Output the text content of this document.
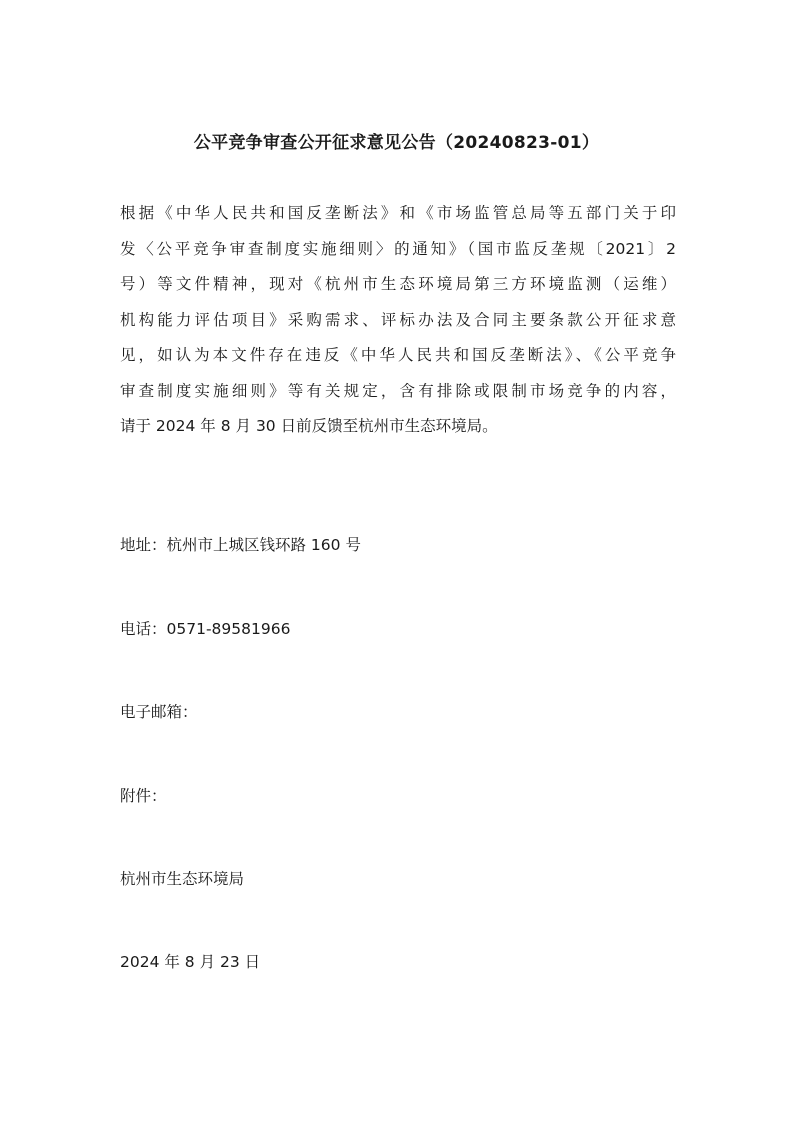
公平竞争审查公开征求意见公告（20240823-01）

根据《中华人民共和国反垄断法》和《市场监管总局等五部门关于印
发〈公平竞争审查制度实施细则〉的通知》（国市监反垄规〔2021〕2
号）等文件精神，现对《杭州市生态环境局第三方环境监测（运维）
机构能力评估项目》采购需求、评标办法及合同主要条款公开征求意
见，如认为本文件存在违反《中华人民共和国反垄断法》、《公平竞争
审查制度实施细则》等有关规定，含有排除或限制市场竞争的内容，
请于 2024 年 8 月 30 日前反馈至杭州市生态环境局。

地址：杭州市上城区钱环路 160 号

电话：0571-89581966

电子邮箱：

附件：

杭州市生态环境局

2024 年 8 月 23 日
